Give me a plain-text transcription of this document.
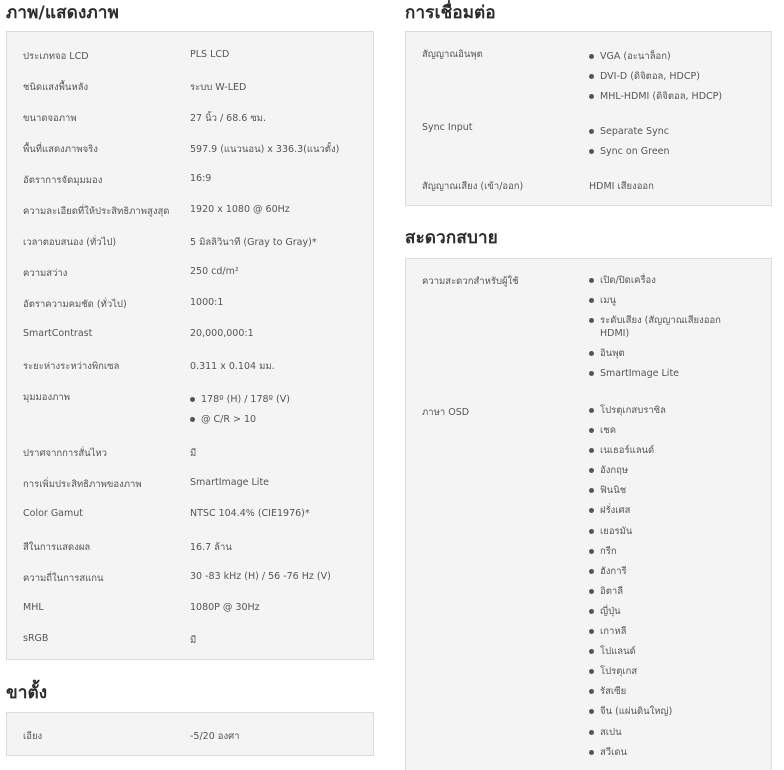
ภาพ/แสดงภาพ
ประเภทจอ LCD	PLS LCD
ชนิดแสงพื้นหลัง	ระบบ W-LED
ขนาดจอภาพ	27 นิ้ว / 68.6 ซม.
พื้นที่แสดงภาพจริง	597.9 (แนวนอน) x 336.3(แนวตั้ง)
อัตราการจัดมุมมอง	16:9
ความละเอียดที่ให้ประสิทธิภาพสูงสุด 1920 x 1080 @ 60Hz
เวลาตอบสนอง (ทั่วไป)	5 มิลลิวินาที (Gray to Gray)*
ความสว่าง	250 cd/m²
อัตราความคมชัด (ทั่วไป)	1000:1
SmartContrast	20,000,000:1
ระยะห่างระหว่างพิกเซล	0.311 x 0.104 มม.
มุมมองภาพ	178º (H) / 178º (V)
@ C/R > 10
ปราศจากการสั่นไหว	มี
การเพิ่มประสิทธิภาพของภาพ	SmartImage Lite
Color Gamut	NTSC 104.4% (CIE1976)*
สีในการแสดงผล	16.7 ล้าน
ความถี่ในการสแกน	30 -83 kHz (H) / 56 -76 Hz (V)
MHL	1080P @ 30Hz
sRGB	มี
ขาตั้ง
เอียง	-5/20 องศา
การเชื่อมต่อ
สัญญาณอินพุต	VGA (อะนาล็อก)
DVI-D (ดิจิตอล, HDCP)
MHL-HDMI (ดิจิตอล, HDCP)
Sync Input	Separate Sync
Sync on Green
สัญญาณเสียง (เข้า/ออก)	HDMI เสียงออก
สะดวกสบาย
ความสะดวกสำหรับผู้ใช้	เปิด/ปิดเครื่อง
เมนู
ระดับเสียง (สัญญาณเสียงออก HDMI)
อินพุต
SmartImage Lite
ภาษา OSD	โปรตุเกสบราซิล
เชค
เนเธอร์แลนด์
อังกฤษ
ฟินนิช
ฝรั่งเศส
เยอรมัน
กรีก
ฮังการี
อิตาลี
ญี่ปุ่น
เกาหลี
โปแลนด์
โปรตุเกส
รัสเซีย
จีน (แผ่นดินใหญ่)
สเปน
สวีเดน
